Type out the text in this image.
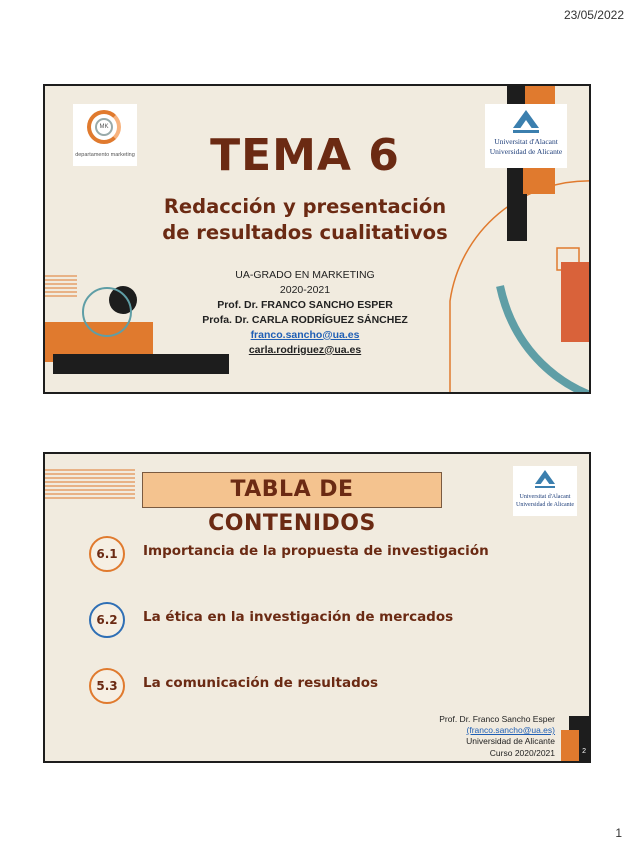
23/05/2022
MK
departamento marketing
Universitat d'Alacant
Universidad de Alicante
TEMA 6
Redacción y presentación
de resultados cualitativos
UA-GRADO EN MARKETING
2020-2021
Prof. Dr. FRANCO SANCHO ESPER
Profa. Dr. CARLA RODRÍGUEZ SÁNCHEZ
franco.sancho@ua.es
carla.rodriguez@ua.es
TABLA DE CONTENIDOS
Universitat d'Alacant
Universidad de Alicante
6.1	Importancia de la propuesta de investigación
6.2	La ética en la investigación de mercados
5.3	La comunicación de resultados
Prof. Dr. Franco Sancho Esper
(franco.sancho@ua.es)
Universidad de Alicante
Curso 2020/2021	2
1
